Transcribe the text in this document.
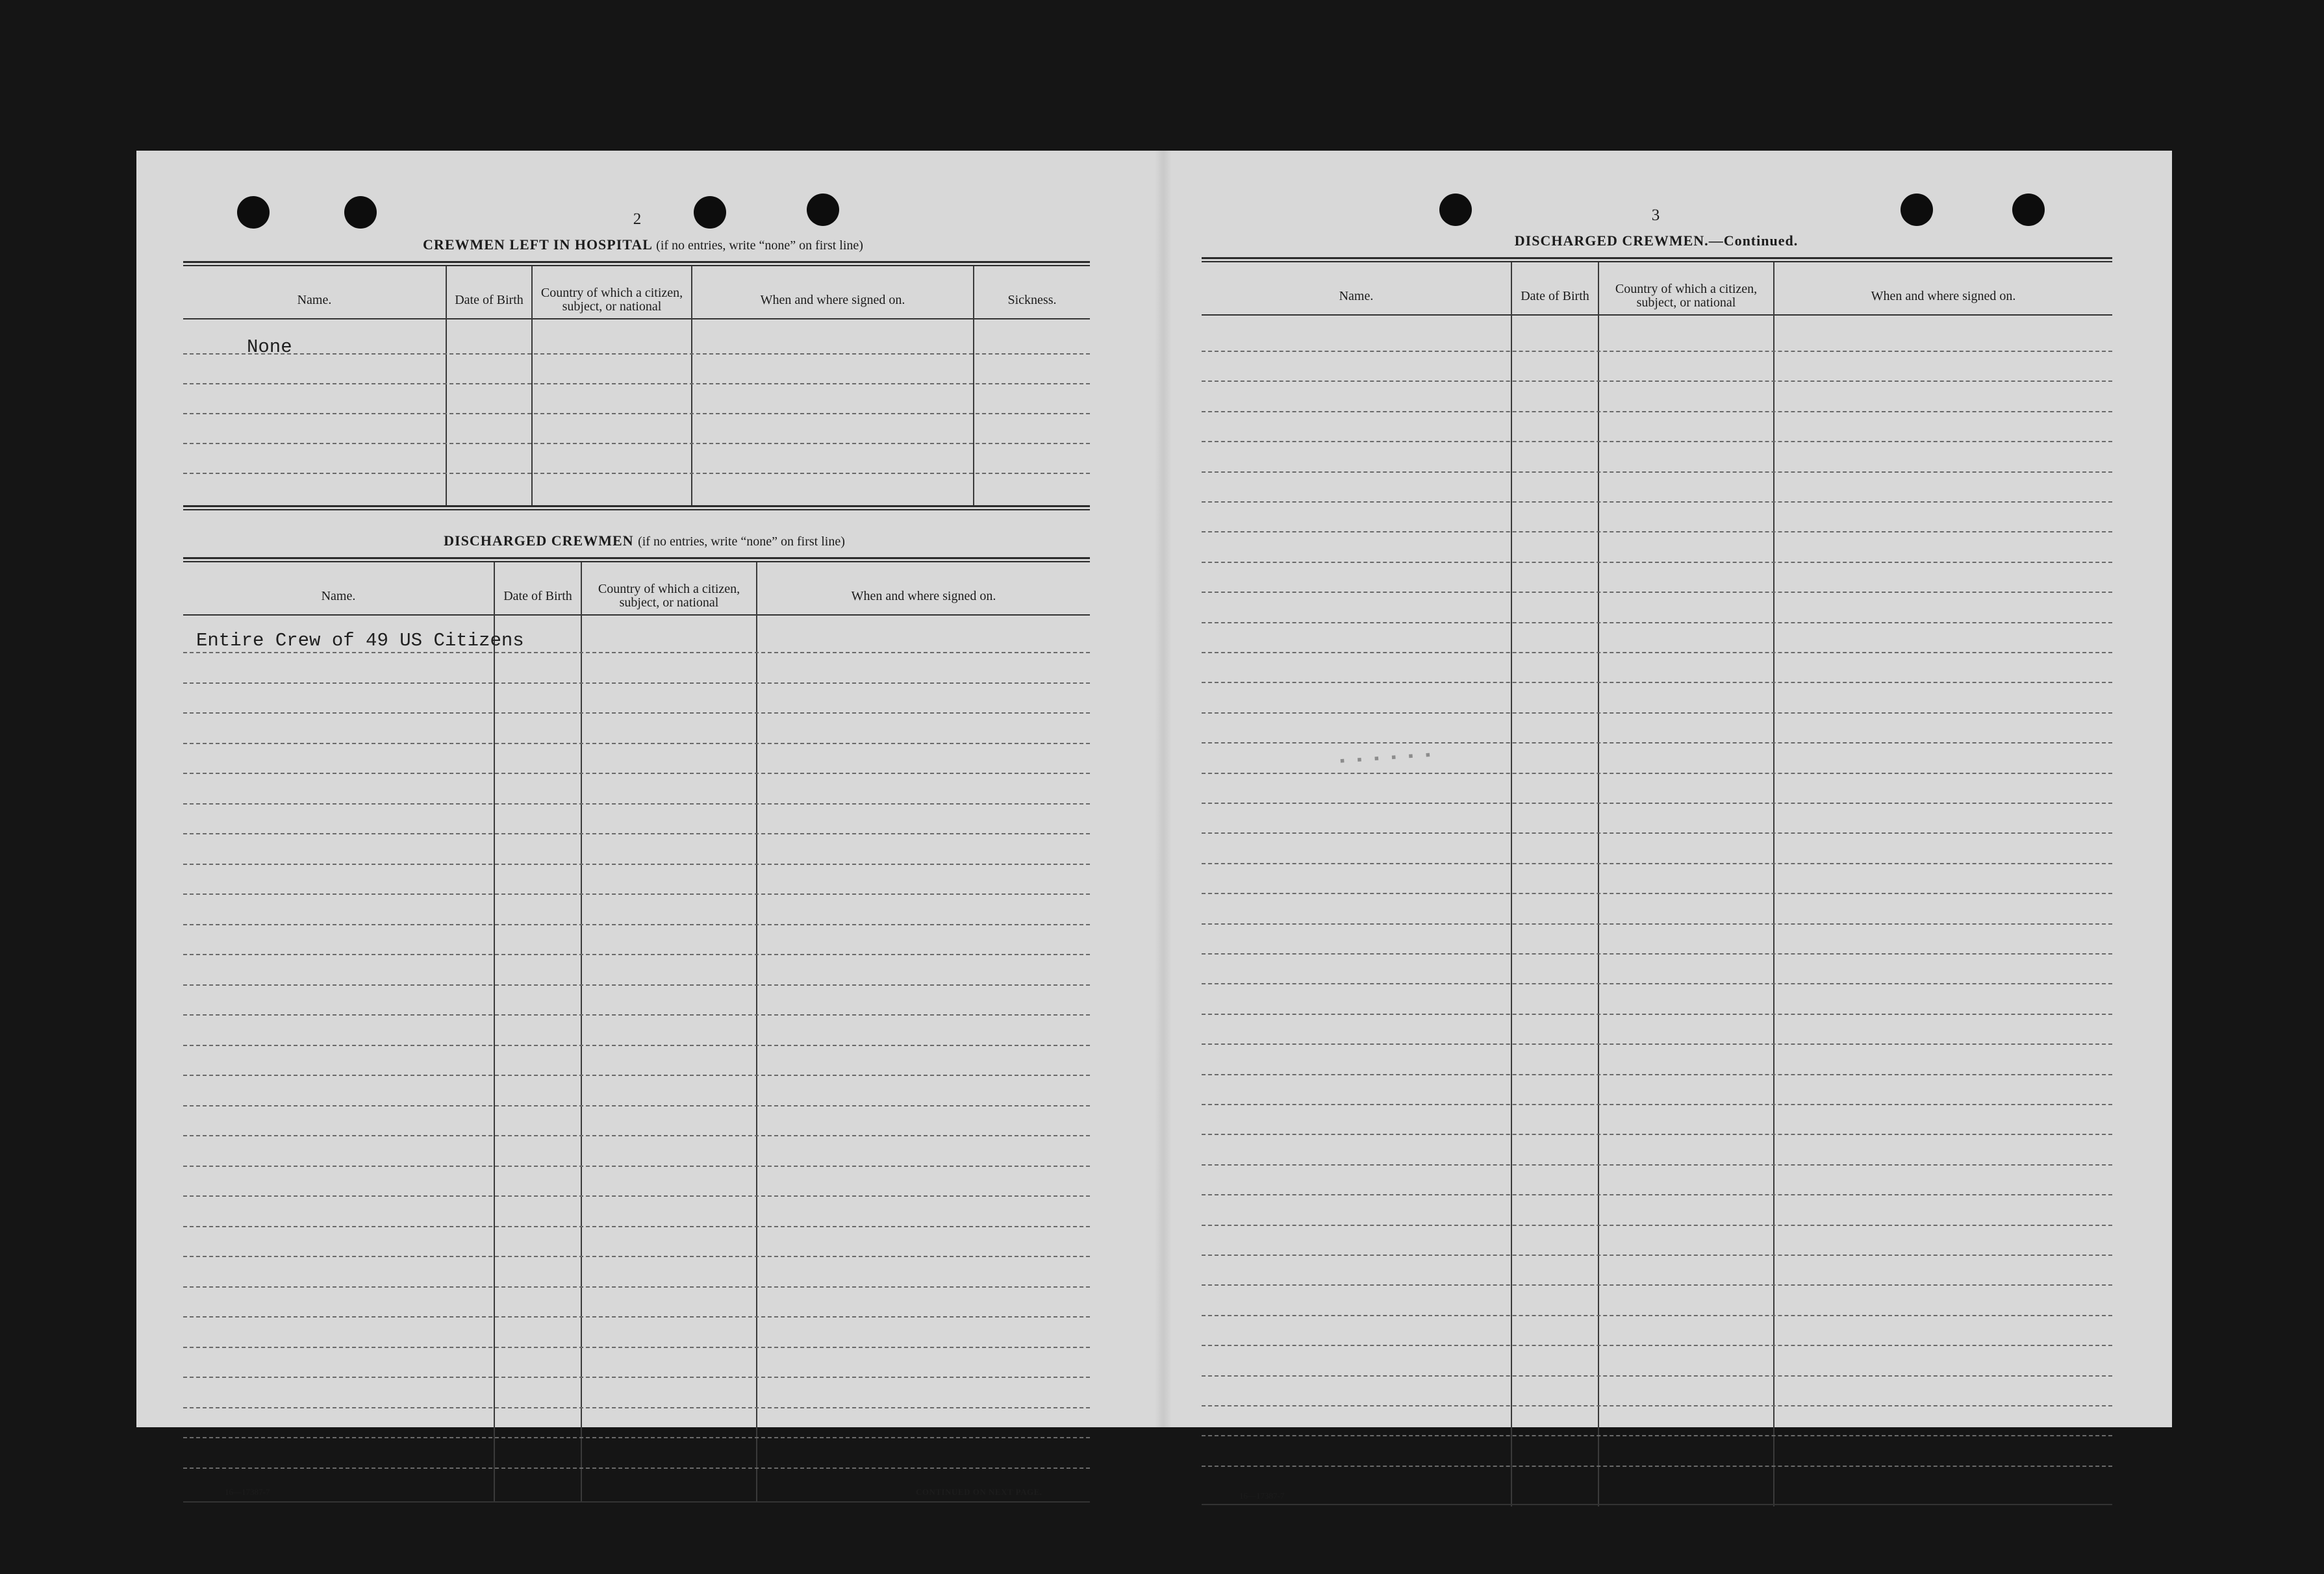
2
CREWMEN LEFT IN HOSPITAL (if no entries, write “none” on first line)
Name.	Date of Birth	Country of which a citizen, subject, or national	When and where signed on.	Sickness.
None
DISCHARGED CREWMEN (if no entries, write “none” on first line)
Name.	Date of Birth	Country of which a citizen, subject, or national	When and where signed on.
Entire Crew of 49 US Citizens
16—17387-7	CONTINUED ON NEXT PAGE.
3
DISCHARGED CREWMEN.—Continued.
Name.	Date of Birth	Country of which a citizen, subject, or national	When and where signed on.
▪ ▪ ▪ ▪ ▪ ▪
16—17387-7
